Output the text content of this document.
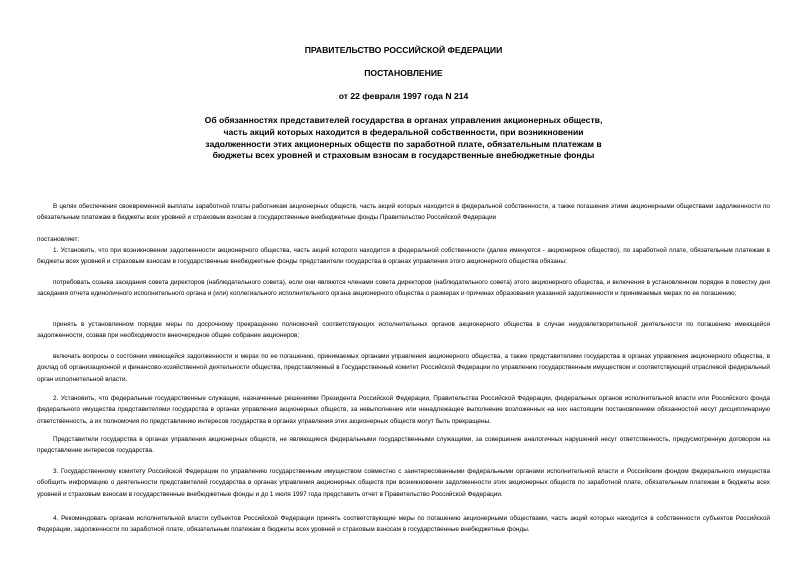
ПРАВИТЕЛЬСТВО РОССИЙСКОЙ ФЕДЕРАЦИИ
ПОСТАНОВЛЕНИЕ
от 22 февраля 1997 года N 214
Об обязанностях представителей государства в органах управления акционерных обществ, часть акций которых находится в федеральной собственности, при возникновении задолженности этих акционерных обществ по заработной плате, обязательным платежам в бюджеты всех уровней и страховым взносам в государственные внебюджетные фонды
В целях обеспечения своевременной выплаты заработной платы работникам акционерных обществ, часть акций которых находится в федеральной собственности, а также погашения этими акционерными обществами задолженности по обязательным платежам в бюджеты всех уровней и страховым взносам в государственные внебюджетные фонды Правительство Российской Федерации
постановляет:
1. Установить, что при возникновении задолженности акционерного общества, часть акций которого находится в федеральной собственности (далее именуется - акционерное общество), по заработной плате, обязательным платежам в бюджеты всех уровней и страховым взносам в государственные внебюджетные фонды представители государства в органах управления этого акционерного общества обязаны:
потребовать созыва заседания совета директоров (наблюдательного совета), если они являются членами совета директоров (наблюдательного совета) этого акционерного общества, и включения в установленном порядке в повестку дня заседания отчета единоличного исполнительного органа и (или) коллегиального исполнительного органа акционерного общества о размерах и причинах образования указанной задолженности и принимаемых мерах по ее погашению;
принять в установленном порядке меры по досрочному прекращению полномочий соответствующих исполнительных органов акционерного общества в случае неудовлетворительной деятельности по погашению имеющейся задолженности, созвав при необходимости внеочередное общее собрание акционеров;
включать вопросы о состоянии имеющейся задолженности и мерах по ее погашению, принимаемых органами управления акционерного общества, а также представителями государства в органах управления акционерного общества, в доклад об организационной и финансово-хозяйственной деятельности общества, представляемый в Государственный комитет Российской Федерации по управлению государственным имуществом и соответствующий отраслевой федеральный орган исполнительной власти.
2. Установить, что федеральные государственные служащие, назначенные решениями Президента Российской Федерации, Правительства Российской Федерации, федеральных органов исполнительной власти или Российского фонда федерального имущества представителями государства в органах управления акционерных обществ, за невыполнение или ненадлежащее выполнение возложенных на них настоящим постановлением обязанностей несут дисциплинарную ответственность, а их полномочия по представлению интересов государства в органах управления этих акционерных обществ могут быть прекращены.
Представители государства в органах управления акционерных обществ, не являющиеся федеральными государственными служащими, за совершение аналогичных нарушений несут ответственность, предусмотренную договором на представление интересов государства.
3. Государственному комитету Российской Федерации по управлению государственным имуществом совместно с заинтересованными федеральными органами исполнительной власти и Российским фондом федерального имущества обобщить информацию о деятельности представителей государства в органах управления акционерных обществ при возникновении задолженности этих акционерных обществ по заработной плате, обязательным платежам в бюджеты всех уровней и страховым взносам в государственные внебюджетные фонды и до 1 июля 1997 года представить отчет в Правительство Российской Федерации.
4. Рекомендовать органам исполнительной власти субъектов Российской Федерации принять соответствующие меры по погашению акционерными обществами, часть акций которых находится в собственности субъектов Российской Федерации, задолженности по заработной плате, обязательным платежам в бюджеты всех уровней и страховым взносам в государственные внебюджетные фонды.
